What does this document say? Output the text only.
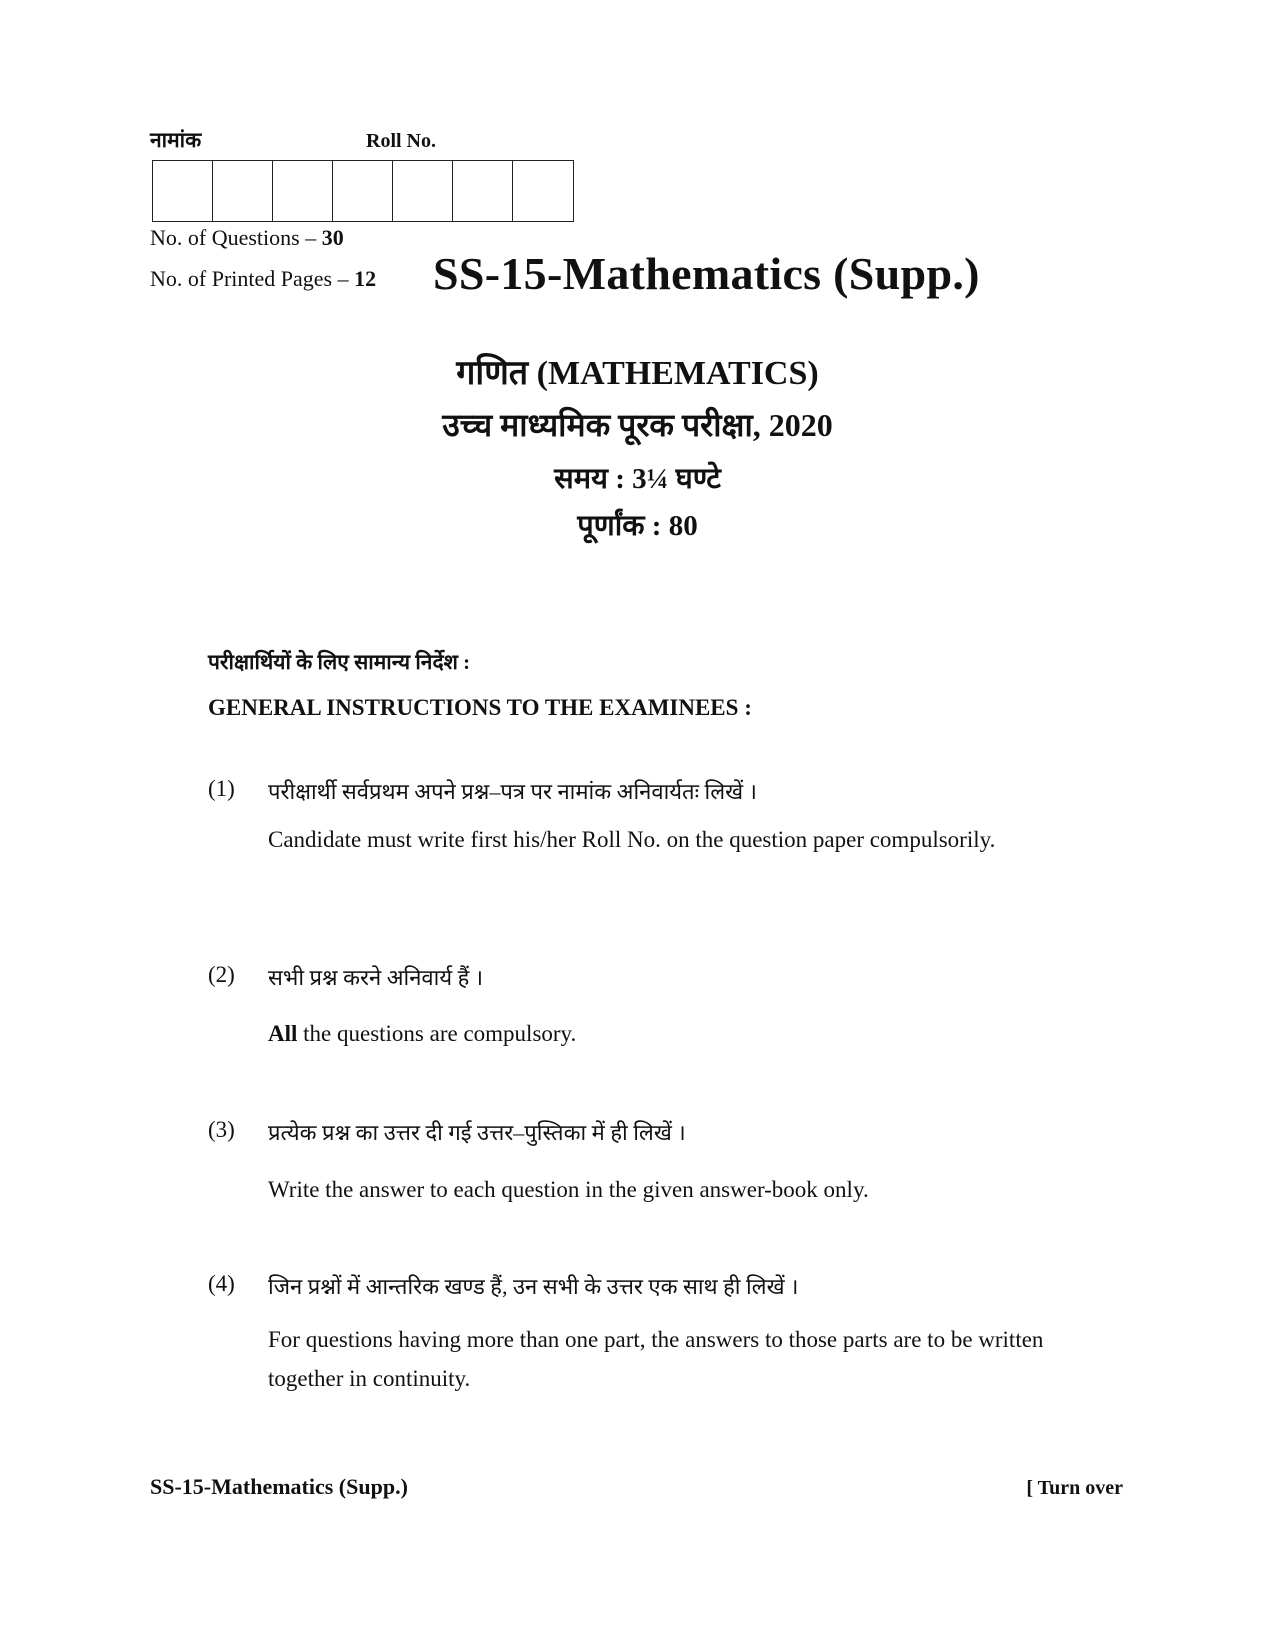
नामांक	Roll No.
No. of Questions – 30
No. of Printed Pages – 12 SS-15-Mathematics (Supp.)
गणित (MATHEMATICS)
उच्च माध्यमिक पूरक परीक्षा, 2020
समय : 3¼ घण्टे
पूर्णांक : 80
परीक्षार्थियों के लिए सामान्य निर्देश :
GENERAL INSTRUCTIONS TO THE EXAMINEES :
(1) परीक्षार्थी सर्वप्रथम अपने प्रश्न–पत्र पर नामांक अनिवार्यतः लिखें ।
Candidate must write first his/her Roll No. on the question paper compulsorily.
(2) सभी प्रश्न करने अनिवार्य हैं ।
All the questions are compulsory.
(3) प्रत्येक प्रश्न का उत्तर दी गई उत्तर–पुस्तिका में ही लिखें ।
Write the answer to each question in the given answer-book only.
(4) जिन प्रश्नों में आन्तरिक खण्ड हैं, उन सभी के उत्तर एक साथ ही लिखें ।
For questions having more than one part, the answers to those parts are to be written together in continuity.
SS-15-Mathematics (Supp.)	[ Turn over
